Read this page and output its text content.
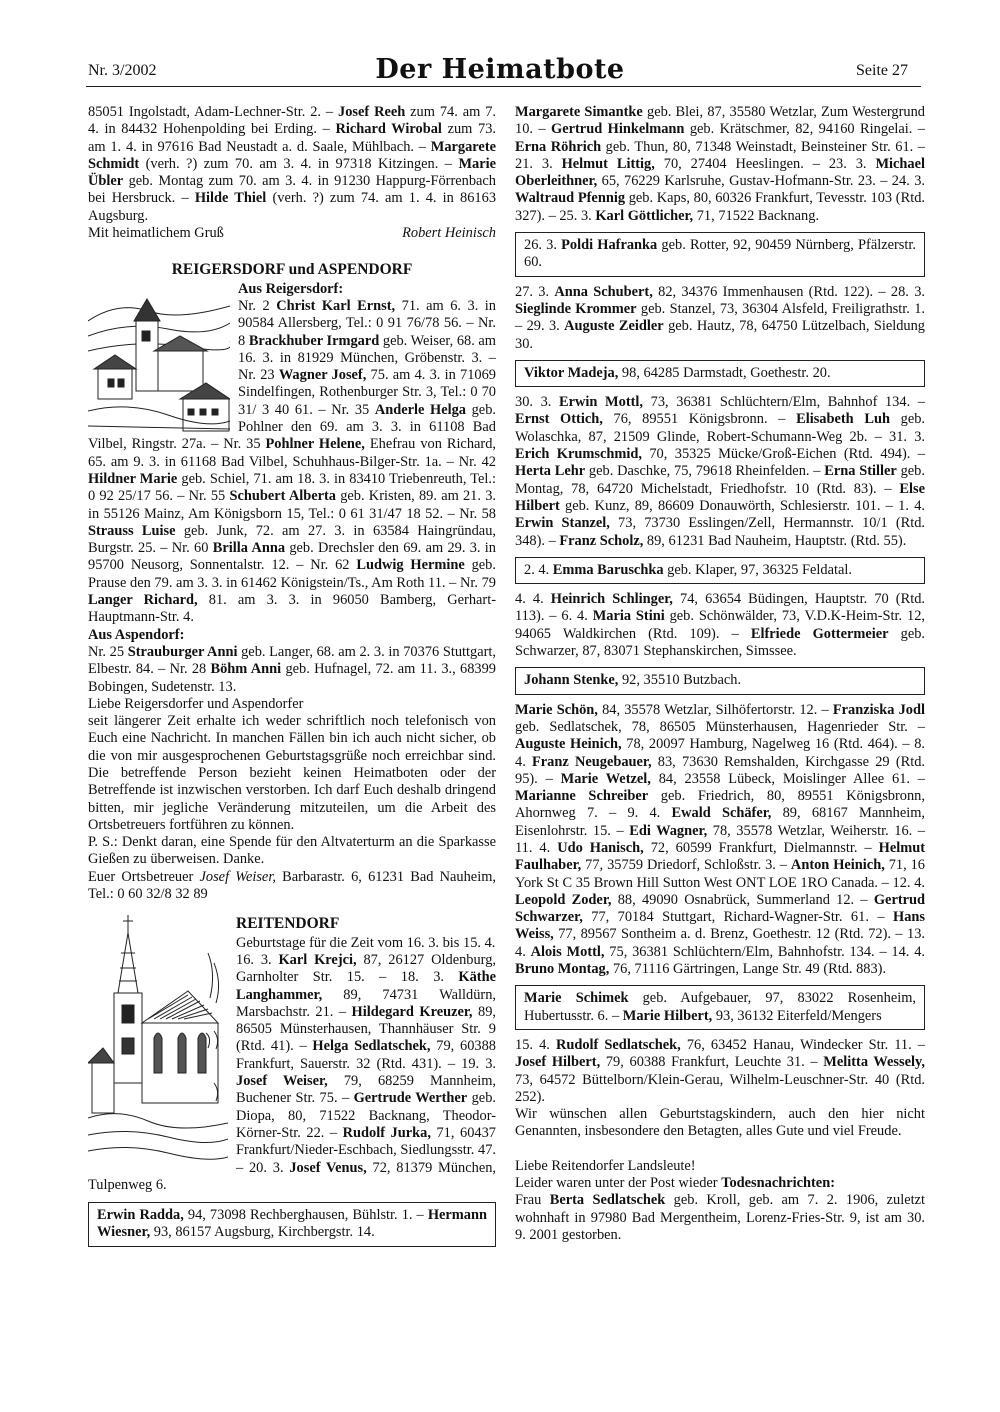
Nr. 3/2002	Der Heimatbote	Seite 27

85051 Ingolstadt, Adam-Lechner-Str. 2. – Josef Reeh zum 74. am 7. 4. in 84432 Hohenpolding bei Erding. – Richard Wirobal zum 73. am 1. 4. in 97616 Bad Neustadt a. d. Saale, Mühlbach. – Margarete Schmidt (verh. ?) zum 70. am 3. 4. in 97318 Kitzingen. – Marie Übler geb. Montag zum 70. am 3. 4. in 91230 Happurg-Förrenbach bei Hersbruck. – Hilde Thiel (verh. ?) zum 74. am 1. 4. in 86163 Augsburg.

Mit heimatlichem Gruß	Robert Heinisch
REIGERSDORF und ASPENDORF

Aus Reigersdorf:

Nr. 2 Christ Karl Ernst, 71. am 6. 3. in 90584 Allersberg, Tel.: 0 91 76/78 56. – Nr. 8 Brackhuber Irmgard geb. Weiser, 68. am 16. 3. in 81929 München, Gröbenstr. 3. – Nr. 23 Wagner Josef, 75. am 4. 3. in 71069 Sindelfingen, Rothenburger Str. 3, Tel.: 0 70 31/ 3 40 61. – Nr. 35 Anderle Helga geb. Pohlner den 69. am 3. 3. in 61108 Bad Vilbel, Ringstr. 27a. – Nr. 35 Pohlner Helene, Ehefrau von Richard, 65. am 9. 3. in 61168 Bad Vilbel, Schuhhaus-Bilger-Str. 1a. – Nr. 42 Hildner Marie geb. Schiel, 71. am 18. 3. in 83410 Triebenreuth, Tel.: 0 92 25/17 56. – Nr. 55 Schubert Alberta geb. Kristen, 89. am 21. 3. in 55126 Mainz, Am Königsborn 15, Tel.: 0 61 31/47 18 52. – Nr. 58 Strauss Luise geb. Junk, 72. am 27. 3. in 63584 Haingründau, Burgstr. 25. – Nr. 60 Brilla Anna geb. Drechsler den 69. am 29. 3. in 95700 Neusorg, Sonnentalstr. 12. – Nr. 62 Ludwig Hermine geb. Prause den 79. am 3. 3. in 61462 Königstein/Ts., Am Roth 11. – Nr. 79 Langer Richard, 81. am 3. 3. in 96050 Bamberg, Gerhart-Hauptmann-Str. 4.

Aus Aspendorf:

Nr. 25 Strauburger Anni geb. Langer, 68. am 2. 3. in 70376 Stuttgart, Elbestr. 84. – Nr. 28 Böhm Anni geb. Hufnagel, 72. am 11. 3., 68399 Bobingen, Sudetenstr. 13.

Liebe Reigersdorfer und Aspendorfer

seit längerer Zeit erhalte ich weder schriftlich noch telefonisch von Euch eine Nachricht. In manchen Fällen bin ich auch nicht sicher, ob die von mir ausgesprochenen Geburtstagsgrüße noch erreichbar sind. Die betreffende Person bezieht keinen Heimatboten oder der Betreffende ist inzwischen verstorben. Ich darf Euch deshalb dringend bitten, mir jegliche Veränderung mitzuteilen, um die Arbeit des Ortsbetreuers fortführen zu können.

P. S.: Denkt daran, eine Spende für den Altvaterturm an die Sparkasse Gießen zu überweisen. Danke.

Euer Ortsbetreuer Josef Weiser, Barbarastr. 6, 61231 Bad Nauheim, Tel.: 0 60 32/8 32 89

REITENDORF

Geburtstage für die Zeit vom 16. 3. bis 15. 4.
16. 3. Karl Krejci, 87, 26127 Oldenburg, Garnholter Str. 15. – 18. 3. Käthe Langhammer, 89, 74731 Walldürn, Marsbachstr. 21. – Hildegard Kreuzer, 89, 86505 Münsterhausen, Thannhäuser Str. 9 (Rtd. 41). – Helga Sedlatschek, 79, 60388 Frankfurt, Sauerstr. 32 (Rtd. 431). – 19. 3. Josef Weiser, 79, 68259 Mannheim, Buchener Str. 75. – Gertrude Werther geb. Diopa, 80, 71522 Backnang, Theodor-Körner-Str. 22. – Rudolf Jurka, 71, 60437 Frankfurt/Nieder-Eschbach, Siedlungsstr. 47. – 20. 3. Josef Venus, 72, 81379 München, Tulpenweg 6.

Erwin Radda, 94, 73098 Rechberghausen, Bühlstr. 1. – Hermann Wiesner, 93, 86157 Augsburg, Kirchbergstr. 14.

Margarete Simantke geb. Blei, 87, 35580 Wetzlar, Zum Westergrund 10. – Gertrud Hinkelmann geb. Krätschmer, 82, 94160 Ringelai. – Erna Röhrich geb. Thun, 80, 71348 Weinstadt, Beinsteiner Str. 61. – 21. 3. Helmut Littig, 70, 27404 Heeslingen. – 23. 3. Michael Oberleithner, 65, 76229 Karlsruhe, Gustav-Hofmann-Str. 23. – 24. 3. Waltraud Pfennig geb. Kaps, 80, 60326 Frankfurt, Tevesstr. 103 (Rtd. 327). – 25. 3. Karl Göttlicher, 71, 71522 Backnang.

26. 3. Poldi Hafranka geb. Rotter, 92, 90459 Nürnberg, Pfälzerstr. 60.

27. 3. Anna Schubert, 82, 34376 Immenhausen (Rtd. 122). – 28. 3. Sieglinde Krommer geb. Stanzel, 73, 36304 Alsfeld, Freiligrathstr. 1. – 29. 3. Auguste Zeidler geb. Hautz, 78, 64750 Lützelbach, Sieldung 30.

Viktor Madeja, 98, 64285 Darmstadt, Goethestr. 20.

30. 3. Erwin Mottl, 73, 36381 Schlüchtern/Elm, Bahnhof 134. – Ernst Ottich, 76, 89551 Königsbronn. – Elisabeth Luh geb. Wolaschka, 87, 21509 Glinde, Robert-Schumann-Weg 2b. – 31. 3. Erich Krumschmid, 70, 35325 Mücke/Groß-Eichen (Rtd. 494). – Herta Lehr geb. Daschke, 75, 79618 Rheinfelden. – Erna Stiller geb. Montag, 78, 64720 Michelstadt, Friedhofstr. 10 (Rtd. 83). – Else Hilbert geb. Kunz, 89, 86609 Donauwörth, Schlesierstr. 101. – 1. 4. Erwin Stanzel, 73, 73730 Esslingen/Zell, Hermannstr. 10/1 (Rtd. 348). – Franz Scholz, 89, 61231 Bad Nauheim, Hauptstr. (Rtd. 55).

2. 4. Emma Baruschka geb. Klaper, 97, 36325 Feldatal.

4. 4. Heinrich Schlinger, 74, 63654 Büdingen, Hauptstr. 70 (Rtd. 113). – 6. 4. Maria Stini geb. Schönwälder, 73, V.D.K-Heim-Str. 12, 94065 Waldkirchen (Rtd. 109). – Elfriede Gottermeier geb. Schwarzer, 87, 83071 Stephanskirchen, Simssee.

Johann Stenke, 92, 35510 Butzbach.

Marie Schön, 84, 35578 Wetzlar, Silhöfertorstr. 12. – Franziska Jodl geb. Sedlatschek, 78, 86505 Münsterhausen, Hagenrieder Str. – Auguste Heinich, 78, 20097 Hamburg, Nagelweg 16 (Rtd. 464). – 8. 4. Franz Neugebauer, 83, 73630 Remshalden, Kirchgasse 29 (Rtd. 95). – Marie Wetzel, 84, 23558 Lübeck, Moislinger Allee 61. – Marianne Schreiber geb. Friedrich, 80, 89551 Königsbronn, Ahornweg 7. – 9. 4. Ewald Schäfer, 89, 68167 Mannheim, Eisenlohrstr. 15. – Edi Wagner, 78, 35578 Wetzlar, Weiherstr. 16. – 11. 4. Udo Hanisch, 72, 60599 Frankfurt, Dielmannstr. – Helmut Faulhaber, 77, 35759 Driedorf, Schloßstr. 3. – Anton Heinich, 71, 16 York St C 35 Brown Hill Sutton West ONT LOE 1RO Canada. – 12. 4. Leopold Zoder, 88, 49090 Osnabrück, Summerland 12. – Gertrud Schwarzer, 77, 70184 Stuttgart, Richard-Wagner-Str. 61. – Hans Weiss, 77, 89567 Sontheim a. d. Brenz, Goethestr. 12 (Rtd. 72). – 13. 4. Alois Mottl, 75, 36381 Schlüchtern/Elm, Bahnhofstr. 134. – 14. 4. Bruno Montag, 76, 71116 Gärtringen, Lange Str. 49 (Rtd. 883).

Marie Schimek geb. Aufgebauer, 97, 83022 Rosenheim, Hubertusstr. 6. – Marie Hilbert, 93, 36132 Eiterfeld/Mengers

15. 4. Rudolf Sedlatschek, 76, 63452 Hanau, Windecker Str. 11. – Josef Hilbert, 79, 60388 Frankfurt, Leuchte 31. – Melitta Wessely, 73, 64572 Büttelborn/Klein-Gerau, Wilhelm-Leuschner-Str. 40 (Rtd. 252).

Wir wünschen allen Geburtstagskindern, auch den hier nicht Genannten, insbesondere den Betagten, alles Gute und viel Freude.

Liebe Reitendorfer Landsleute!

Leider waren unter der Post wieder Todesnachrichten:
Frau Berta Sedlatschek geb. Kroll, geb. am 7. 2. 1906, zuletzt wohnhaft in 97980 Bad Mergentheim, Lorenz-Fries-Str. 9, ist am 30. 9. 2001 gestorben.
